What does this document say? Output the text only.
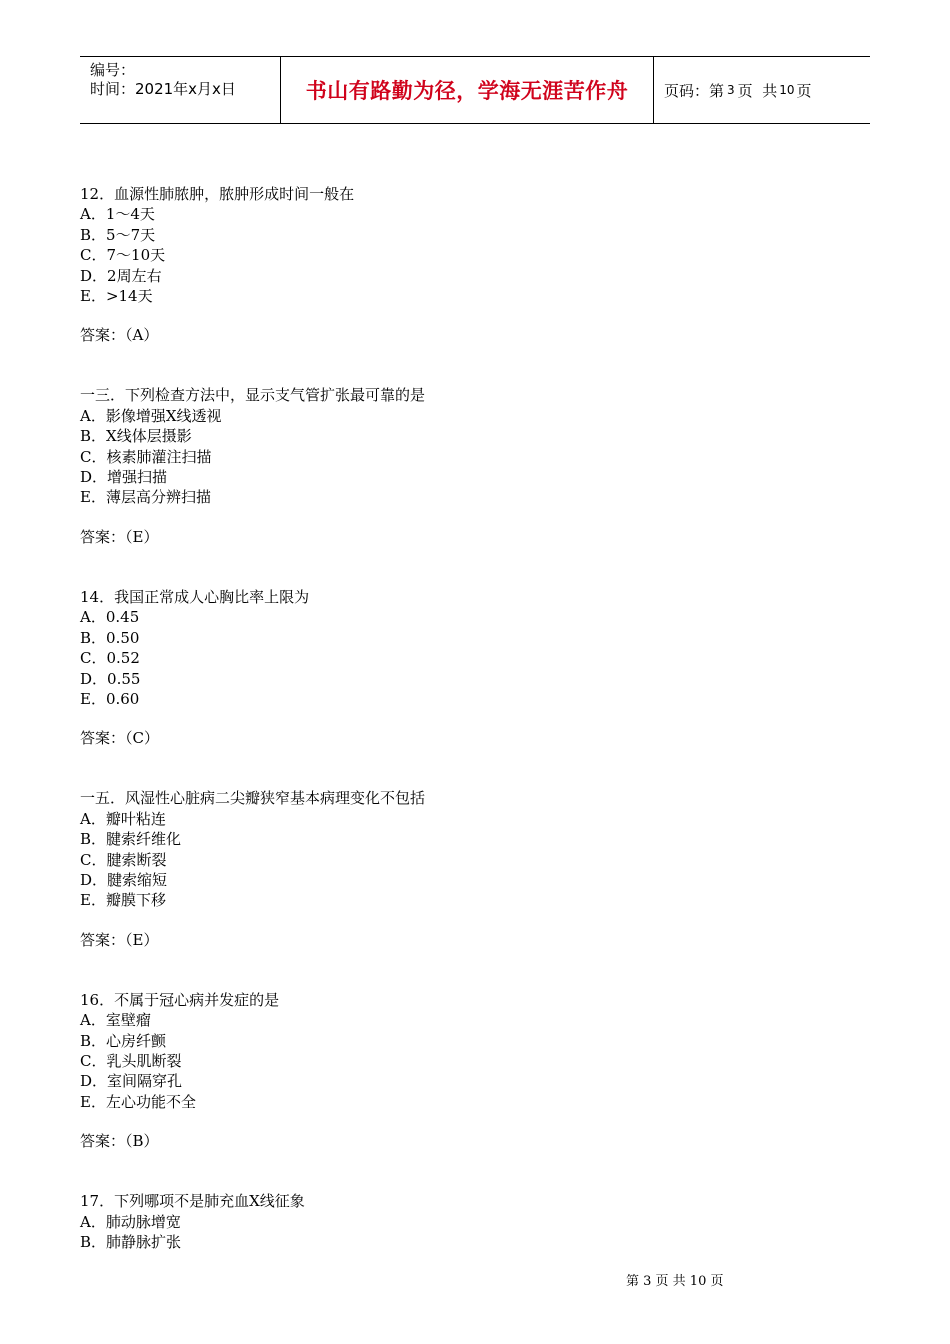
编号：
时间：2021年x月x日	书山有路勤为径，学海无涯苦作舟	页码：第 3 页  共 10 页
12．血源性肺脓肿，脓肿形成时间一般在
A．1～4天
B．5～7天
C．7～10天
D．2周左右
E．>14天
答案：（A）
一三．下列检查方法中，显示支气管扩张最可靠的是
A．影像增强X线透视
B．X线体层摄影
C．核素肺灌注扫描
D．增强扫描
E．薄层高分辨扫描
答案：（E）
14．我国正常成人心胸比率上限为
A．0.45
B．0.50
C．0.52
D．0.55
E．0.60
答案：（C）
一五．风湿性心脏病二尖瓣狭窄基本病理变化不包括
A．瓣叶粘连
B．腱索纤维化
C．腱索断裂
D．腱索缩短
E．瓣膜下移
答案：（E）
16．不属于冠心病并发症的是
A．室壁瘤
B．心房纤颤
C．乳头肌断裂
D．室间隔穿孔
E．左心功能不全
答案：（B）
17．下列哪项不是肺充血X线征象
A．肺动脉增宽
B．肺静脉扩张
第 3 页 共 10 页
